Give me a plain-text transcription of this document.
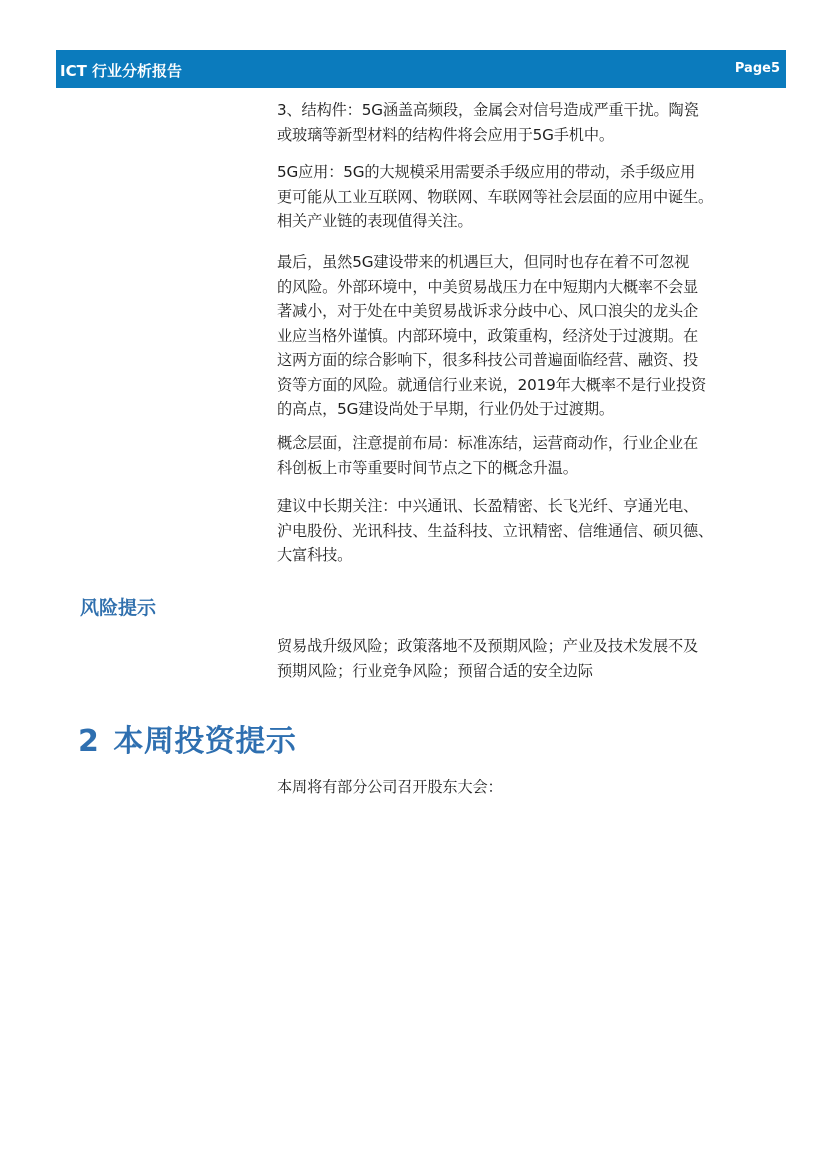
ICT 行业分析报告	Page5

3、结构件：5G涵盖高频段，金属会对信号造成严重干扰。陶瓷
或玻璃等新型材料的结构件将会应用于5G手机中。

5G应用：5G的大规模采用需要杀手级应用的带动，杀手级应用
更可能从工业互联网、物联网、车联网等社会层面的应用中诞生。
相关产业链的表现值得关注。

最后，虽然5G建设带来的机遇巨大，但同时也存在着不可忽视
的风险。外部环境中，中美贸易战压力在中短期内大概率不会显
著减小，对于处在中美贸易战诉求分歧中心、风口浪尖的龙头企
业应当格外谨慎。内部环境中，政策重构，经济处于过渡期。在
这两方面的综合影响下，很多科技公司普遍面临经营、融资、投
资等方面的风险。就通信行业来说，2019年大概率不是行业投资
的高点，5G建设尚处于早期，行业仍处于过渡期。

概念层面，注意提前布局：标准冻结，运营商动作，行业企业在
科创板上市等重要时间节点之下的概念升温。

建议中长期关注：中兴通讯、长盈精密、长飞光纤、亨通光电、
沪电股份、光讯科技、生益科技、立讯精密、信维通信、硕贝德、
大富科技。

风险提示

贸易战升级风险；政策落地不及预期风险；产业及技术发展不及
预期风险；行业竞争风险；预留合适的安全边际

2 本周投资提示

本周将有部分公司召开股东大会：
